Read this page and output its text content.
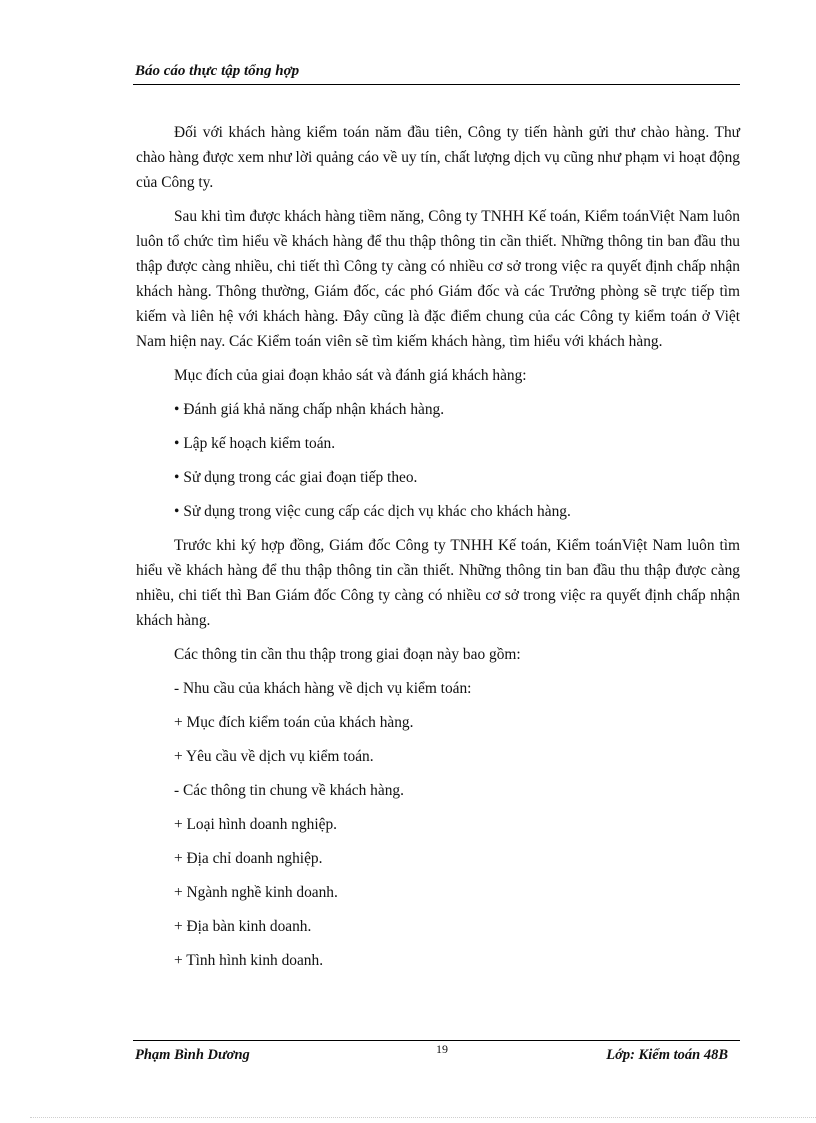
Báo cáo thực tập tổng hợp

Đối với khách hàng kiểm toán năm đầu tiên, Công ty tiến hành gửi thư chào hàng. Thư chào hàng được xem như lời quảng cáo về uy tín, chất lượng dịch vụ cũng như phạm vi hoạt động của Công ty.

Sau khi tìm được khách hàng tiềm năng, Công ty TNHH Kế toán, Kiểm toánViệt Nam luôn luôn tổ chức tìm hiểu về khách hàng để thu thập thông tin cần thiết. Những thông tin ban đầu thu thập được càng nhiều, chi tiết thì Công ty càng có nhiều cơ sở trong việc ra quyết định chấp nhận khách hàng. Thông thường, Giám đốc, các phó Giám đốc và các Trưởng phòng sẽ trực tiếp tìm kiếm và liên hệ với khách hàng. Đây cũng là đặc điểm chung của các Công ty kiểm toán ở Việt Nam hiện nay. Các Kiểm toán viên sẽ tìm kiếm khách hàng, tìm hiểu với khách hàng.

Mục đích của giai đoạn khảo sát và đánh giá khách hàng:

• Đánh giá khả năng chấp nhận khách hàng.
• Lập kế hoạch kiểm toán.
• Sử dụng trong các giai đoạn tiếp theo.
• Sử dụng trong việc cung cấp các dịch vụ khác cho khách hàng.

Trước khi ký hợp đồng, Giám đốc Công ty TNHH Kế toán, Kiểm toánViệt Nam luôn tìm hiểu về khách hàng để thu thập thông tin cần thiết. Những thông tin ban đầu thu thập được càng nhiều, chi tiết thì Ban Giám đốc Công ty càng có nhiều cơ sở trong việc ra quyết định chấp nhận khách hàng.

Các thông tin cần thu thập trong giai đoạn này bao gồm:

- Nhu cầu của khách hàng về dịch vụ kiểm toán:
+ Mục đích kiểm toán của khách hàng.
+ Yêu cầu về dịch vụ kiểm toán.
- Các thông tin chung về khách hàng.
+ Loại hình doanh nghiệp.
+ Địa chỉ doanh nghiệp.
+ Ngành nghề kinh doanh.
+ Địa bàn kinh doanh.
+ Tình hình kinh doanh.
Phạm Bình Dương	19	Lớp: Kiểm toán 48B
